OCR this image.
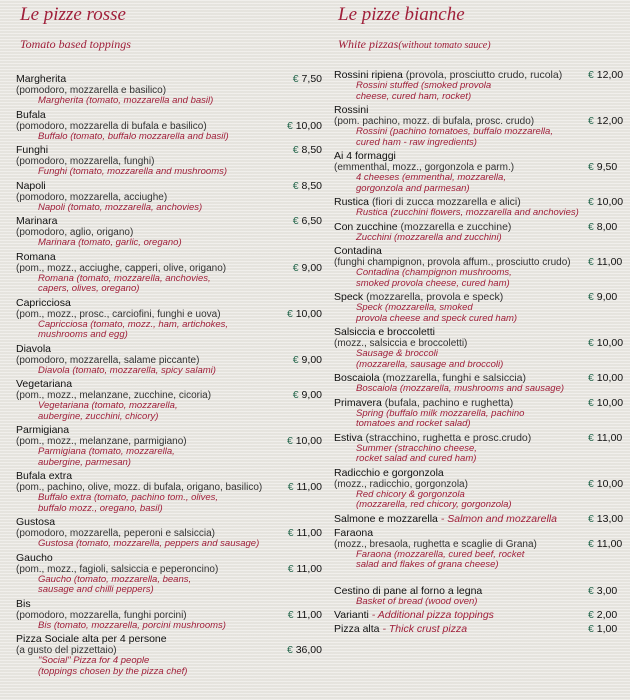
Le pizze rosse
Tomato based toppings
Margherita	€ 7,50
(pomodoro, mozzarella e basilico)
Margherita (tomato, mozzarella and basil)
Bufala
(pomodoro, mozzarella di bufala e basilico)	€ 10,00
Buffalo (tomato, buffalo mozzarella and basil)
Funghi	€ 8,50
(pomodoro, mozzarella, funghi)
Funghi (tomato, mozzarella and mushrooms)
Napoli	€ 8,50
(pomodoro, mozzarella, acciughe)
Napoli (tomato, mozzarella, anchovies)
Marinara	€ 6,50
(pomodoro, aglio, origano)
Marinara (tomato, garlic, oregano)
Romana
(pom., mozz., acciughe, capperi, olive, origano)	€ 9,00
Romana (tomato, mozzarella, anchovies,
capers, olives, oregano)
Capricciosa
(pom., mozz., prosc., carciofini, funghi e uova)	€ 10,00
Capricciosa (tomato, mozz., ham, artichokes,
mushrooms and egg)
Diavola
(pomodoro, mozzarella, salame piccante)	€ 9,00
Diavola (tomato, mozzarella, spicy salami)
Vegetariana
(pom., mozz., melanzane, zucchine, cicoria)	€ 9,00
Vegetariana (tomato, mozzarella,
aubergine, zucchini, chicory)
Parmigiana
(pom., mozz., melanzane, parmigiano)	€ 10,00
Parmigiana (tomato, mozzarella,
aubergine, parmesan)
Bufala extra
(pom., pachino, olive, mozz. di bufala, origano, basilico)	€ 11,00
Buffalo extra (tomato, pachino tom., olives,
buffalo mozz., oregano, basil)
Gustosa
(pomodoro, mozzarella, peperoni e salsiccia)	€ 11,00
Gustosa (tomato, mozzarella, peppers and sausage)
Gaucho
(pom., mozz., fagioli, salsiccia e peperoncino)	€ 11,00
Gaucho (tomato, mozzarella, beans,
sausage and chilli peppers)
Bis
(pomodoro, mozzarella, funghi porcini)	€ 11,00
Bis (tomato, mozzarella, porcini mushrooms)
Pizza Sociale alta per 4 persone
(a gusto del pizzettaio)	€ 36,00
"Social" Pizza for 4 people
(toppings chosen by the pizza chef)
Le pizze bianche
White pizzas(without tomato sauce)
Rossini ripiena (provola, prosciutto crudo, rucola) € 12,00
Rossini stuffed (smoked provola
cheese, cured ham, rocket)
Rossini
(pom. pachino, mozz. di bufala, prosc. crudo)	€ 12,00
Rossini (pachino tomatoes, buffalo mozzarella,
cured ham - raw ingredients)
Ai 4 formaggi
(emmenthal, mozz., gorgonzola e parm.)	€ 9,50
4 cheeses (emmenthal, mozzarella,
gorgonzola and parmesan)
Rustica (fiori di zucca mozzarella e alici)	€ 10,00
Rustica (zucchini flowers, mozzarella and anchovies)
Con zucchine (mozzarella e zucchine)	€ 8,00
Zucchini (mozzarella and zucchini)
Contadina
(funghi champignon, provola affum., prosciutto crudo) € 11,00
Contadina (champignon mushrooms,
smoked provola cheese, cured ham)
Speck (mozzarella, provola e speck)	€ 9,00
Speck (mozzarella, smoked
provola cheese and speck cured ham)
Salsiccia e broccoletti
(mozz., salsiccia e broccoletti)	€ 10,00
Sausage & broccoli
(mozzarella, sausage and broccoli)
Boscaiola (mozzarella, funghi e salsiccia)	€ 10,00
Boscaiola (mozzarella, mushrooms and sausage)
Primavera (bufala, pachino e rughetta)	€ 10,00
Spring (buffalo milk mozzarella, pachino
tomatoes and rocket salad)
Estiva (stracchino, rughetta e prosc.crudo)	€ 11,00
Summer (stracchino cheese,
rocket salad and cured ham)
Radicchio e gorgonzola
(mozz., radicchio, gorgonzola)	€ 10,00
Red chicory & gorgonzola
(mozzarella, red chicory, gorgonzola)
Salmone e mozzarella - Salmon and mozzarella	€ 13,00
Faraona
(mozz., bresaola, rughetta e scaglie di Grana)	€ 11,00
Faraona (mozzarella, cured beef, rocket
salad and flakes of grana cheese)
Cestino di pane al forno a legna	€ 3,00
Basket of bread (wood oven)
Varianti - Additional pizza toppings	€ 2,00
Pizza alta - Thick crust pizza	€ 1,00
